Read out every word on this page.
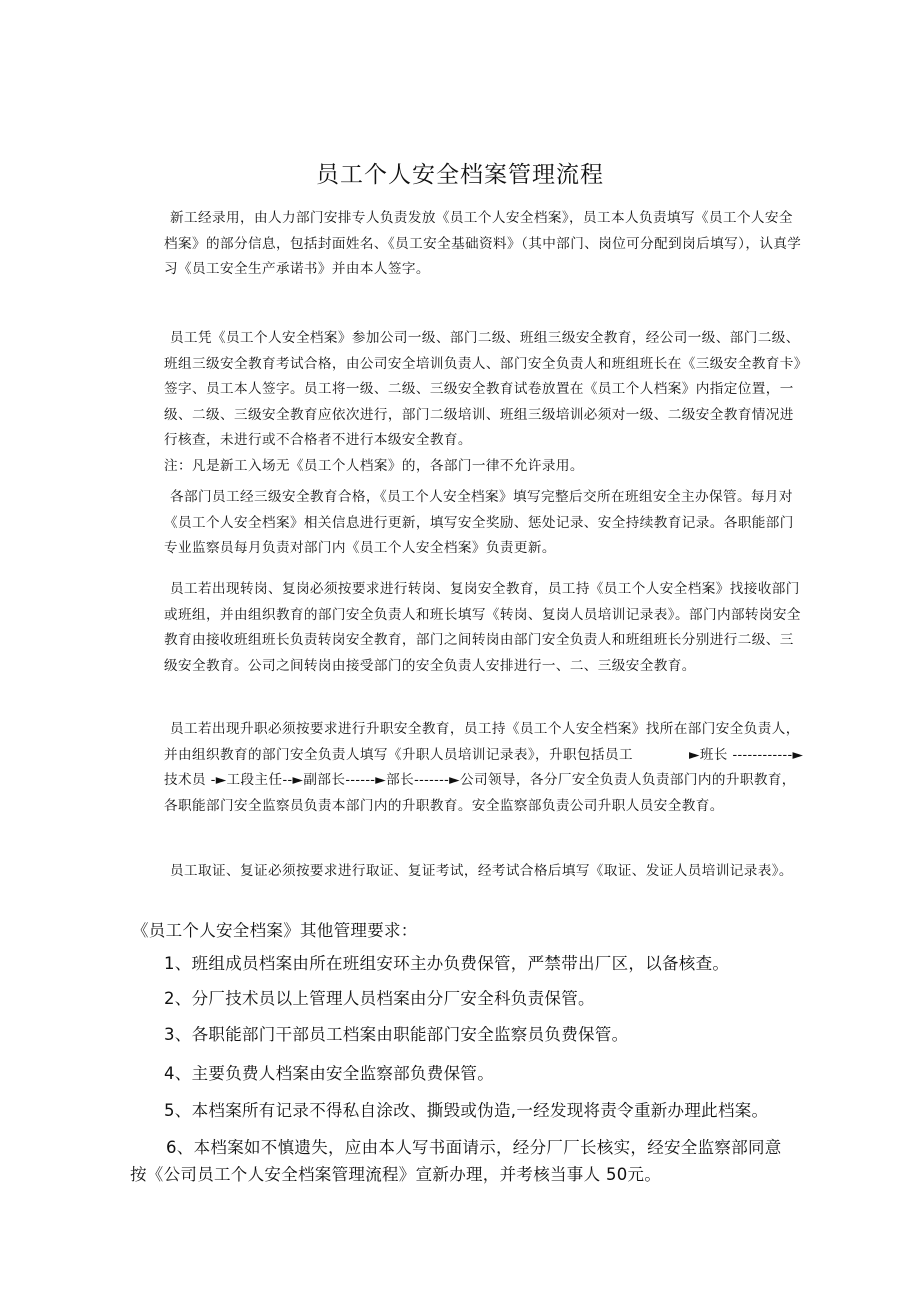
员工个人安全档案管理流程

新工经录用，由人力部门安排专人负责发放《员工个人安全档案》，员工本人负责填写《员工个人安全档案》的部分信息，包括封面姓名、《员工安全基础资料》（其中部门、岗位可分配到岗后填写），认真学习《员工安全生产承诺书》并由本人签字。

员工凭《员工个人安全档案》参加公司一级、部门二级、班组三级安全教育，经公司一级、部门二级、班组三级安全教育考试合格，由公司安全培训负责人、部门安全负责人和班组班长在《三级安全教育卡》签字、员工本人签字。员工将一级、二级、三级安全教育试卷放置在《员工个人档案》内指定位置，一级、二级、三级安全教育应依次进行，部门二级培训、班组三级培训必须对一级、二级安全教育情况进行核查，未进行或不合格者不进行本级安全教育。

注：凡是新工入场无《员工个人档案》的，各部门一律不允许录用。

各部门员工经三级安全教育合格，《员工个人安全档案》填写完整后交所在班组安全主办保管。每月对《员工个人安全档案》相关信息进行更新，填写安全奖励、惩处记录、安全持续教育记录。各职能部门专业监察员每月负责对部门内《员工个人安全档案》负责更新。

员工若出现转岗、复岗必须按要求进行转岗、复岗安全教育，员工持《员工个人安全档案》找接收部门或班组，并由组织教育的部门安全负责人和班长填写《转岗、复岗人员培训记录表》。部门内部转岗安全教育由接收班组班长负责转岗安全教育，部门之间转岗由部门安全负责人和班组班长分别进行二级、三级安全教育。公司之间转岗由接受部门的安全负责人安排进行一、二、三级安全教育。

员工若出现升职必须按要求进行升职安全教育，员工持《员工个人安全档案》找所在部门安全负责人，并由组织教育的部门安全负责人填写《升职人员培训记录表》，升职包括员工　　　　►班长 ------------►技术员 -►工段主任--►副部长------►部长-------►公司领导，各分厂安全负责人负责部门内的升职教育，各职能部门安全监察员负责本部门内的升职教育。安全监察部负责公司升职人员安全教育。

员工取证、复证必须按要求进行取证、复证考试，经考试合格后填写《取证、发证人员培训记录表》。

《员工个人安全档案》其他管理要求：
1、班组成员档案由所在班组安环主办负费保管，严禁带出厂区，以备核查。
2、分厂技术员以上管理人员档案由分厂安全科负责保管。
3、各职能部门干部员工档案由职能部门安全监察员负费保管。
4、主要负费人档案由安全监察部负费保管。
5、本档案所有记录不得私自涂改、撕毁或伪造,一经发现将责令重新办理此档案。
6、本档案如不慎遗失，应由本人写书面请示，经分厂厂长核实，经安全监察部同意
按《公司员工个人安全档案管理流程》宣新办理，并考核当事人 50元。
